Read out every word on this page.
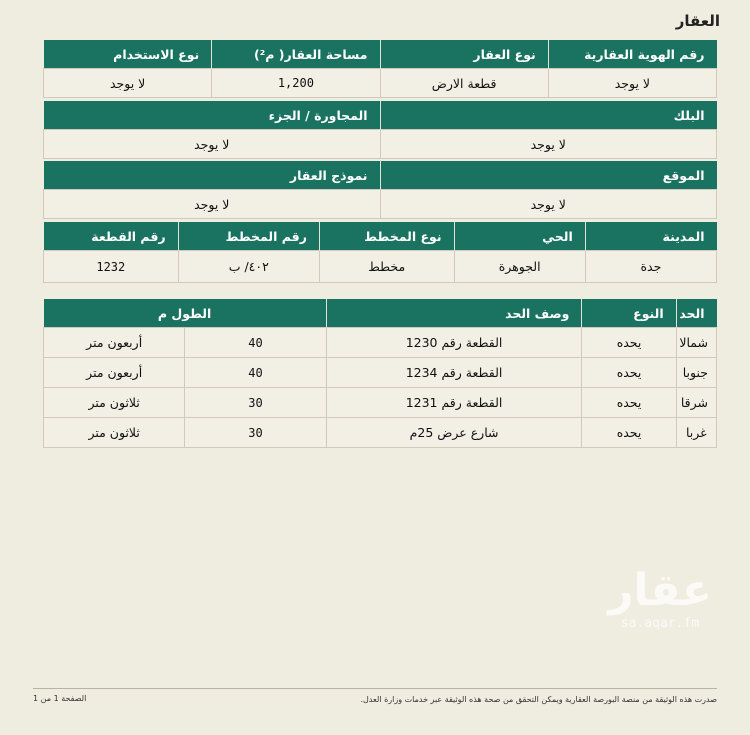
العقار
رقم الهوية العقارية	نوع العقار	مساحة العقار( م²)	نوع الاستخدام
لا يوجد	قطعة الارض	1,200	لا يوجد
البلك	المجاورة / الجزء
لا يوجد	لا يوجد
الموقع	نموذج العقار
لا يوجد	لا يوجد
المدينة	الحي	نوع المخطط	رقم المخطط	رقم القطعة
جدة	الجوهرة	مخطط	٤٠٢/ ب	1232
الحد	النوع	وصف الحد	الطول م	
شمالا	يحده	القطعة رقم 1230	40	أربعون متر
جنوبا	يحده	القطعة رقم 1234	40	أربعون متر
شرقا	يحده	القطعة رقم 1231	30	ثلاثون متر
غربا	يحده	شارع عرض 25م	30	ثلاثون متر
عقار
sa.aqar.fm
صدرت هذه الوثيقة من منصة البورصة العقارية ويمكن التحقق من صحة هذه الوثيقة عبر خدمات وزارة العدل.
الصفحة 1 من 1
